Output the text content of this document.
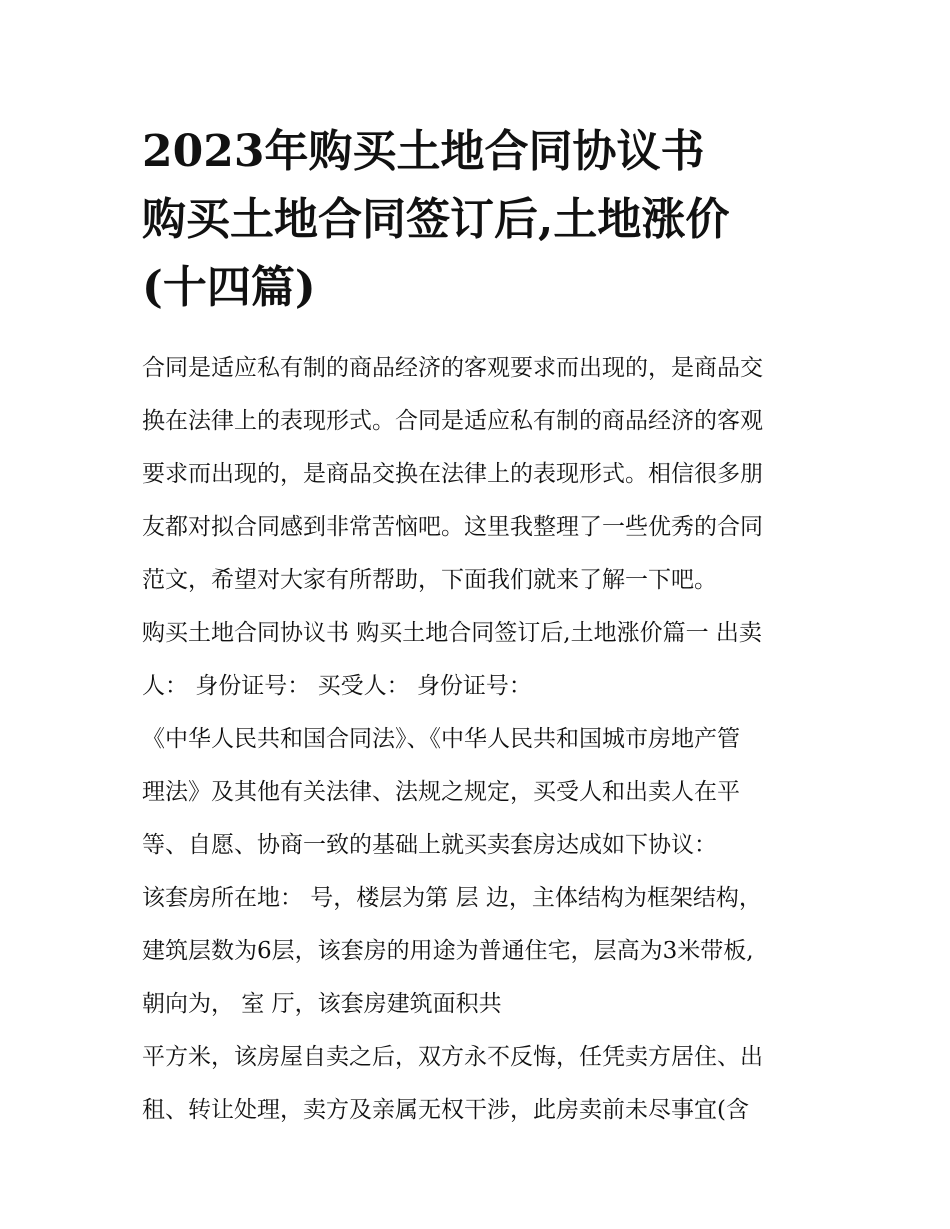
2023年购买土地合同协议书
购买土地合同签订后,土地涨价
(十四篇)
合同是适应私有制的商品经济的客观要求而出现的，是商品交
换在法律上的表现形式。合同是适应私有制的商品经济的客观
要求而出现的，是商品交换在法律上的表现形式。相信很多朋
友都对拟合同感到非常苦恼吧。这里我整理了一些优秀的合同
范文，希望对大家有所帮助，下面我们就来了解一下吧。
购买土地合同协议书 购买土地合同签订后,土地涨价篇一 出卖
人： 身份证号： 买受人： 身份证号：
《中华人民共和国合同法》、《中华人民共和国城市房地产管
理法》及其他有关法律、法规之规定，买受人和出卖人在平
等、自愿、协商一致的基础上就买卖套房达成如下协议：
该套房所在地： 号，楼层为第 层 边，主体结构为框架结构，
建筑层数为6层，该套房的用途为普通住宅，层高为3米带板,
朝向为， 室 厅，该套房建筑面积共
平方米，该房屋自卖之后，双方永不反悔，任凭卖方居住、出
租、转让处理，卖方及亲属无权干涉，此房卖前未尽事宜(含
